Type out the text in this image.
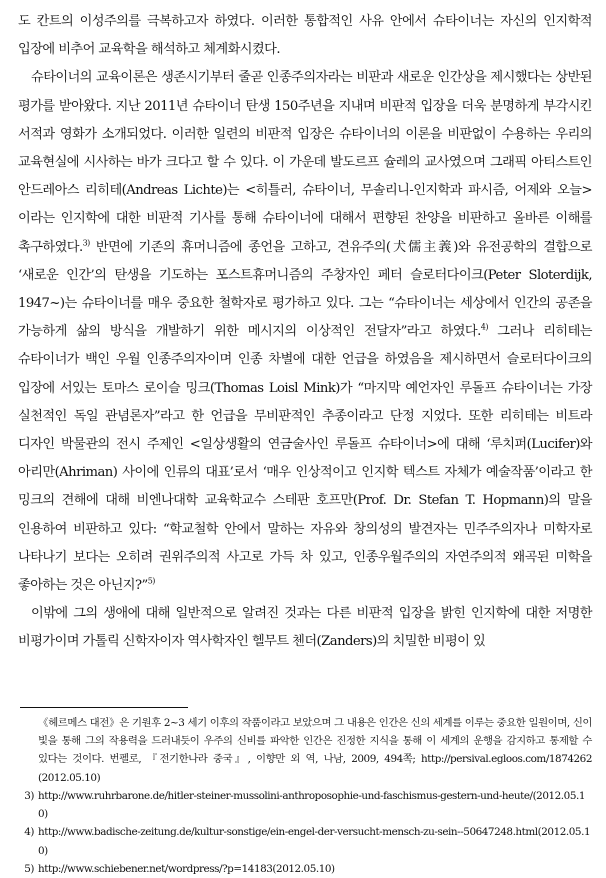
도 칸트의 이성주의를 극복하고자 하였다. 이러한 통합적인 사유 안에서 슈타이너는 자신의 인지학적 입장에 비추어 교육학을 해석하고 체계화시켰다.

슈타이너의 교육이론은 생존시기부터 줄곧 인종주의자라는 비판과 새로운 인간상을 제시했다는 상반된 평가를 받아왔다. 지난 2011년 슈타이너 탄생 150주년을 지내며 비판적 입장을 더욱 분명하게 부각시킨 서적과 영화가 소개되었다. 이러한 일련의 비판적 입장은 슈타이너의 이론을 비판없이 수용하는 우리의 교육현실에 시사하는 바가 크다고 할 수 있다. 이 가운데 발도르프 슐레의 교사였으며 그래픽 아티스트인 안드레아스 리히테(Andreas Lichte)는 <히틀러, 슈타이너, 무솔리니-인지학과 파시즘, 어제와 오늘>이라는 인지학에 대한 비판적 기사를 통해 슈타이너에 대해서 편향된 찬양을 비판하고 올바른 이해를 촉구하였다.$^{3)}$ 반면에 기존의 휴머니즘에 종언을 고하고, 견유주의(犬儒主義)와 유전공학의 결합으로 ‘새로운 인간’의 탄생을 기도하는 포스트휴머니즘의 주창자인 페터 슬로터다이크(Peter Sloterdijk, 1947~)는 슈타이너를 매우 중요한 철학자로 평가하고 있다. 그는 “슈타이너는 세상에서 인간의 공존을 가능하게 삶의 방식을 개발하기 위한 메시지의 이상적인 전달자”라고 하였다.$^{4)}$ 그러나 리히테는 슈타이너가 백인 우월 인종주의자이며 인종 차별에 대한 언급을 하였음을 제시하면서 슬로터다이크의 입장에 서있는 토마스 로이슬 밍크(Thomas Loisl Mink)가 “마지막 예언자인 루돌프 슈타이너는 가장 실천적인 독일 관념론자”라고 한 언급을 무비판적인 추종이라고 단정 지었다. 또한 리히테는 비트라 디자인 박물관의 전시 주제인 <일상생활의 연금술사인 루돌프 슈타이너>에 대해 ‘루치퍼(Lucifer)와 아리만(Ahriman) 사이에 인류의 대표’로서 ‘매우 인상적이고 인지학 텍스트 자체가 예술작품’이라고 한 밍크의 견해에 대해 비엔나대학 교육학교수 스테판 호프만(Prof. Dr. Stefan T. Hopmann)의 말을 인용하여 비판하고 있다: “학교철학 안에서 말하는 자유와 창의성의 발견자는 민주주의자나 미학자로 나타나기 보다는 오히려 권위주의적 사고로 가득 차 있고, 인종우월주의의 자연주의적 왜곡된 미학을 좋아하는 것은 아닌지?”$^{5)}$

이밖에 그의 생애에 대해 일반적으로 알려진 것과는 다른 비판적 입장을 밝힌 인지학에 대한 저명한 비평가이며 가톨릭 신학자이자 역사학자인 헬무트 첸더(Zanders)의 치밀한 비평이 있

《헤르메스 대전》은 기원후 2~3 세기 이후의 작품이라고 보았으며 그 내용은 인간은 신의 세계를 이루는 중요한 일원이며, 신이 빛을 통해 그의 작용력을 드러내듯이 우주의 신비를 파악한 인간은 진정한 지식을 통해 이 세계의 운행을 감지하고 통제할 수 있다는 것이다. 번펠로, 『전기한나라 중국』, 이향만 외 역, 나남, 2009, 494쪽; http://persival.egloos.com/1874262 (2012.05.10)
3) http://www.ruhrbarone.de/hitler-steiner-mussolini-anthroposophie-und-faschismus-gestern-und-heute/(2012.05.10)
4) http://www.badische-zeitung.de/kultur-sonstige/ein-engel-der-versucht-mensch-zu-sein--50647248.html(2012.05.10)
5) http://www.schiebener.net/wordpress/?p=14183(2012.05.10)
